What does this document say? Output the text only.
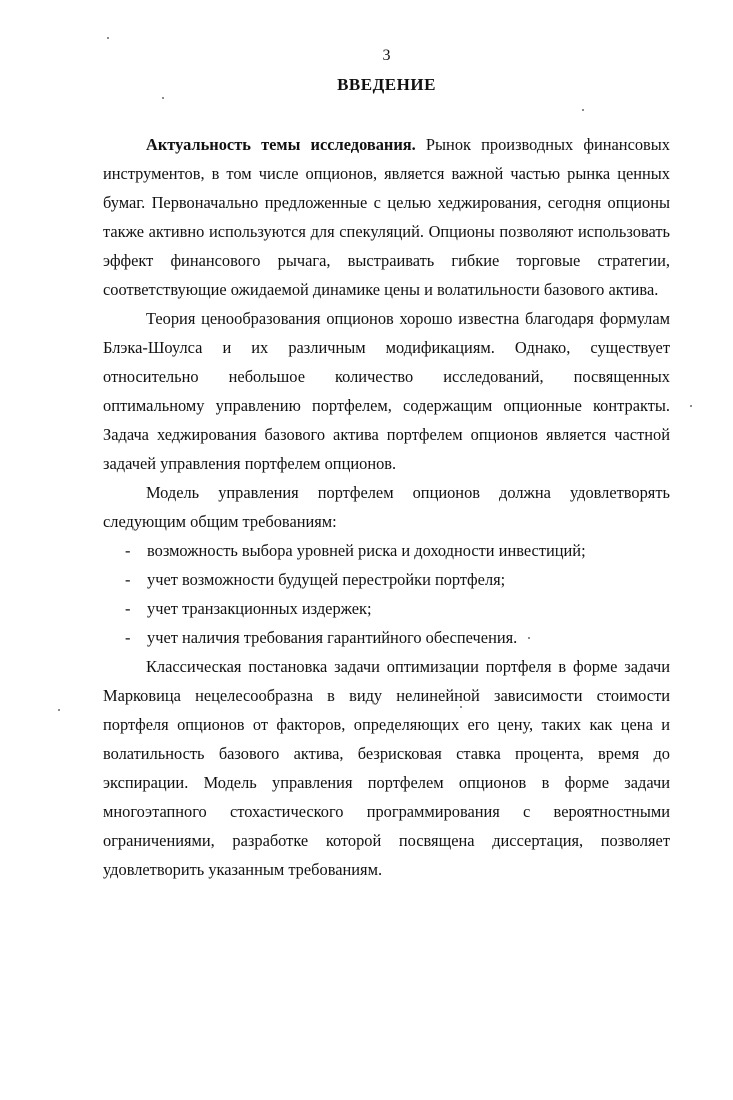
3
ВВЕДЕНИЕ

Актуальность темы исследования. Рынок производных финансовых инструментов, в том числе опционов, является важной частью рынка ценных бумаг. Первоначально предложенные с целью хеджирования, сегодня опционы также активно используются для спекуляций. Опционы позволяют использовать эффект финансового рычага, выстраивать гибкие торговые стратегии, соответствующие ожидаемой динамике цены и волатильности базового актива.

Теория ценообразования опционов хорошо известна благодаря формулам Блэка-Шоулса и их различным модификациям. Однако, существует относительно небольшое количество исследований, посвященных оптимальному управлению портфелем, содержащим опционные контракты. Задача хеджирования базового актива портфелем опционов является частной задачей управления портфелем опционов.

Модель управления портфелем опционов должна удовлетворять следующим общим требованиям:

- возможность выбора уровней риска и доходности инвестиций;
- учет возможности будущей перестройки портфеля;
- учет транзакционных издержек;
- учет наличия требования гарантийного обеспечения.

Классическая постановка задачи оптимизации портфеля в форме задачи Марковица нецелесообразна в виду нелинейной зависимости стоимости портфеля опционов от факторов, определяющих его цену, таких как цена и волатильность базового актива, безрисковая ставка процента, время до экспирации. Модель управления портфелем опционов в форме задачи многоэтапного стохастического программирования с вероятностными ограничениями, разработке которой посвящена диссертация, позволяет удовлетворить указанным требованиям.
